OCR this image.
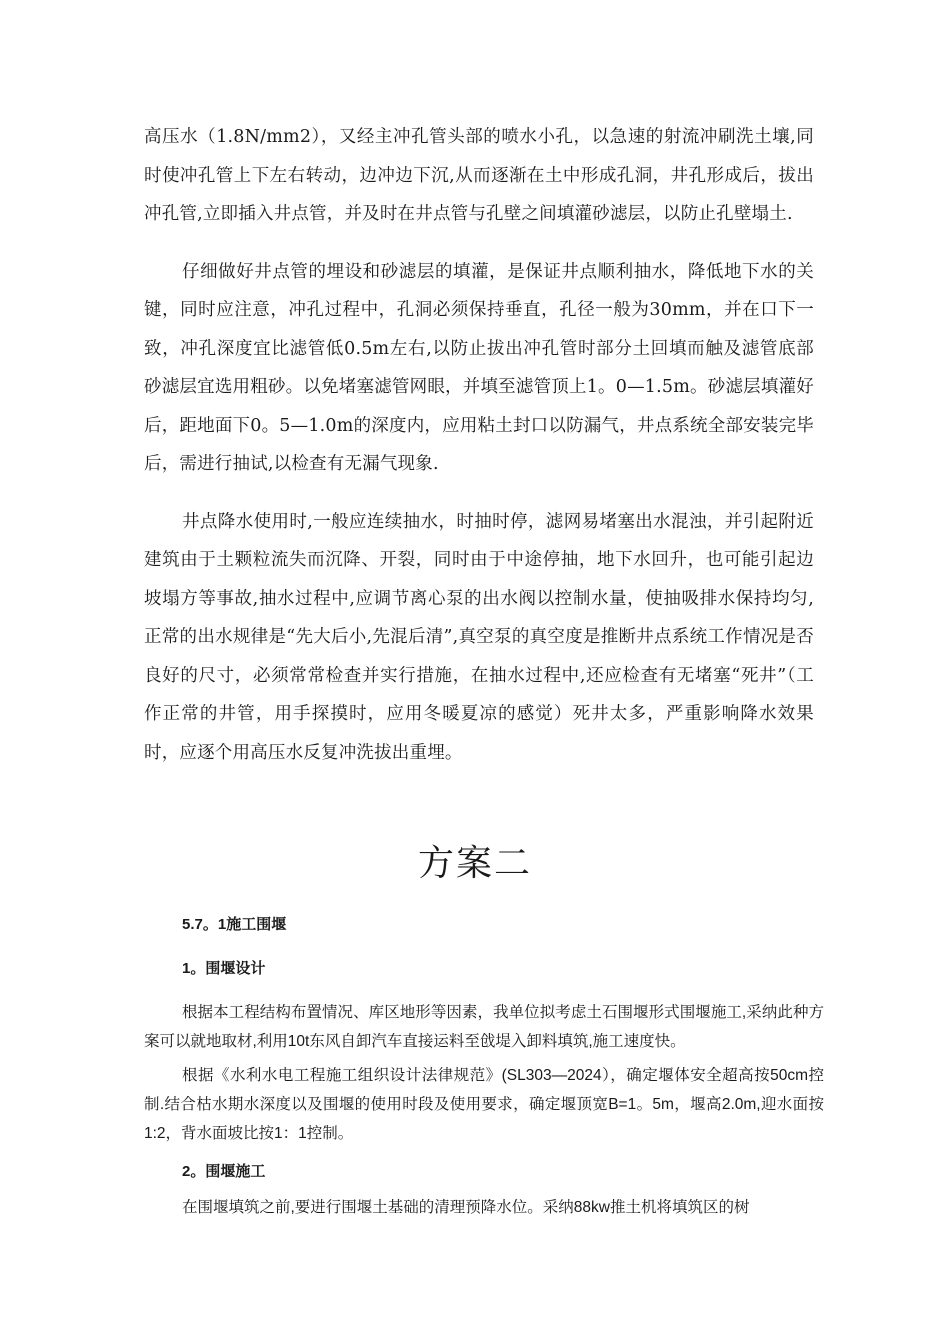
高压水（1.8N/mm2），又经主冲孔管头部的喷水小孔，以急速的射流冲刷洗土壤,同时使冲孔管上下左右转动，边冲边下沉,从而逐渐在土中形成孔洞，井孔形成后，拔出冲孔管,立即插入井点管，并及时在井点管与孔壁之间填灌砂滤层，以防止孔壁塌土.

仔细做好井点管的埋设和砂滤层的填灌，是保证井点顺利抽水，降低地下水的关键，同时应注意，冲孔过程中，孔洞必须保持垂直，孔径一般为30mm，并在口下一致，冲孔深度宜比滤管低0.5m左右,以防止拔出冲孔管时部分土回填而触及滤管底部砂滤层宜选用粗砂。以免堵塞滤管网眼，并填至滤管顶上1。0—1.5m。砂滤层填灌好后，距地面下0。5—1.0m的深度内，应用粘土封口以防漏气，井点系统全部安装完毕后，需进行抽试,以检查有无漏气现象.

井点降水使用时,一般应连续抽水，时抽时停，滤网易堵塞出水混浊，并引起附近建筑由于土颗粒流失而沉降、开裂，同时由于中途停抽，地下水回升，也可能引起边坡塌方等事故,抽水过程中,应调节离心泵的出水阀以控制水量，使抽吸排水保持均匀,正常的出水规律是“先大后小,先混后清”,真空泵的真空度是推断井点系统工作情况是否良好的尺寸，必须常常检查并实行措施，在抽水过程中,还应检查有无堵塞“死井”（工作正常的井管，用手探摸时，应用冬暖夏凉的感觉）死井太多，严重影响降水效果时，应逐个用高压水反复冲洗拔出重埋。

方案二

5.7。1施工围堰

1。围堰设计

根据本工程结构布置情况、库区地形等因素，我单位拟考虑土石围堰形式围堰施工,采纳此种方案可以就地取材,利用10t东风自卸汽车直接运料至戗堤入卸料填筑,施工速度快。

根据《水利水电工程施工组织设计法律规范》(SL303—2024），确定堰体安全超高按50cm控制.结合枯水期水深度以及围堰的使用时段及使用要求，确定堰顶宽B=1。5m，堰高2.0m,迎水面按1:2，背水面坡比按1：1控制。

2。围堰施工

在围堰填筑之前,要进行围堰土基础的清理预降水位。采纳88kw推土机将填筑区的树
